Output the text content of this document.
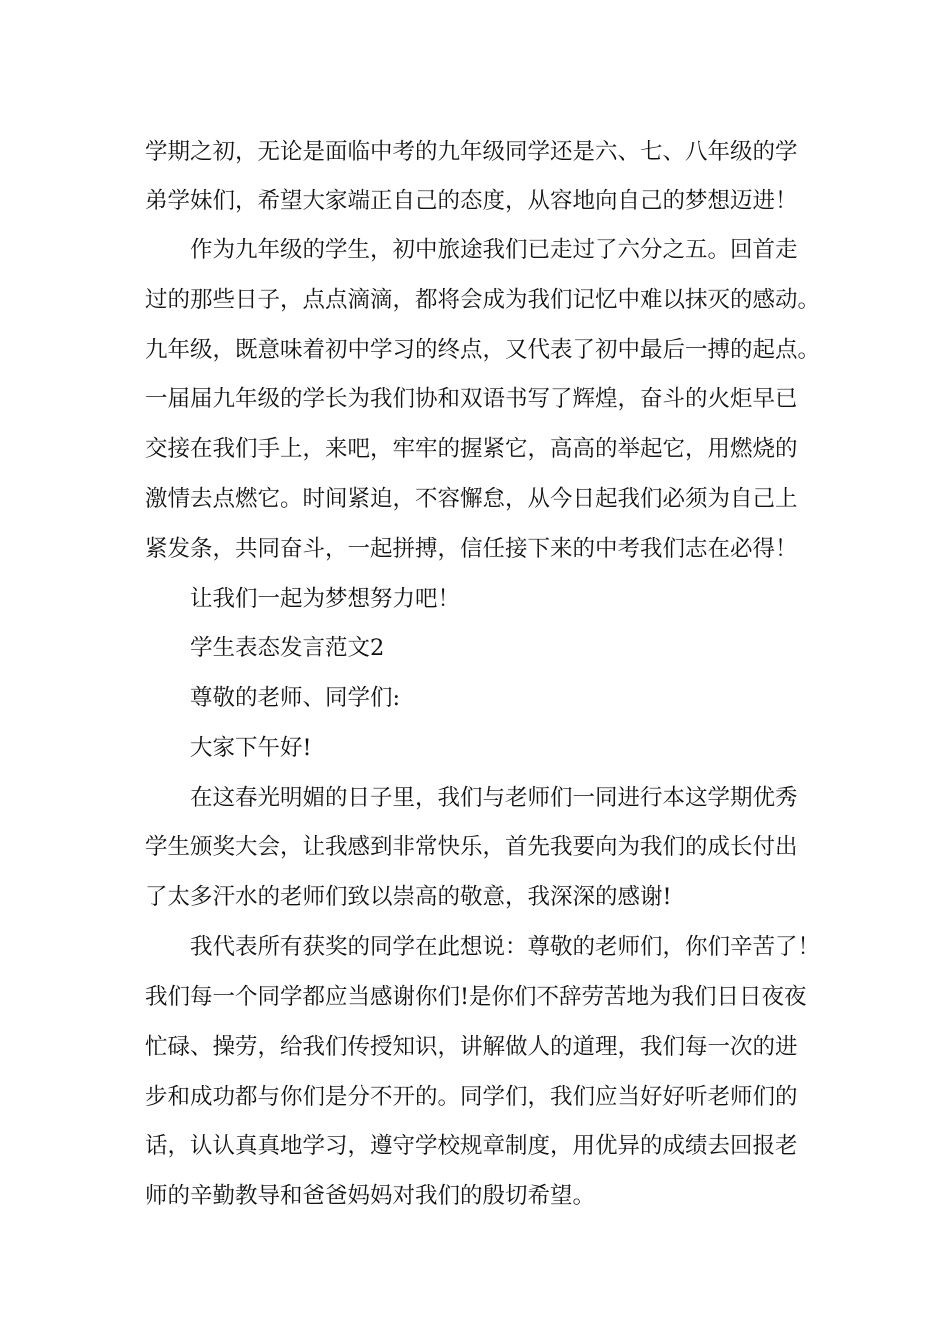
学期之初，无论是面临中考的九年级同学还是六、七、八年级的学
弟学妹们，希望大家端正自己的态度，从容地向自己的梦想迈进！
作为九年级的学生，初中旅途我们已走过了六分之五。回首走
过的那些日子，点点滴滴，都将会成为我们记忆中难以抹灭的感动。
九年级，既意味着初中学习的终点，又代表了初中最后一搏的起点。
一届届九年级的学长为我们协和双语书写了辉煌，奋斗的火炬早已
交接在我们手上，来吧，牢牢的握紧它，高高的举起它，用燃烧的
激情去点燃它。时间紧迫，不容懈怠，从今日起我们必须为自己上
紧发条，共同奋斗，一起拼搏，信任接下来的中考我们志在必得！
让我们一起为梦想努力吧！
学生表态发言范文2
尊敬的老师、同学们:
大家下午好!
在这春光明媚的日子里，我们与老师们一同进行本这学期优秀
学生颁奖大会，让我感到非常快乐，首先我要向为我们的成长付出
了太多汗水的老师们致以崇高的敬意，我深深的感谢!
我代表所有获奖的同学在此想说：尊敬的老师们，你们辛苦了！
我们每一个同学都应当感谢你们!是你们不辞劳苦地为我们日日夜夜
忙碌、操劳，给我们传授知识，讲解做人的道理，我们每一次的进
步和成功都与你们是分不开的。同学们，我们应当好好听老师们的
话，认认真真地学习，遵守学校规章制度，用优异的成绩去回报老
师的辛勤教导和爸爸妈妈对我们的殷切希望。
